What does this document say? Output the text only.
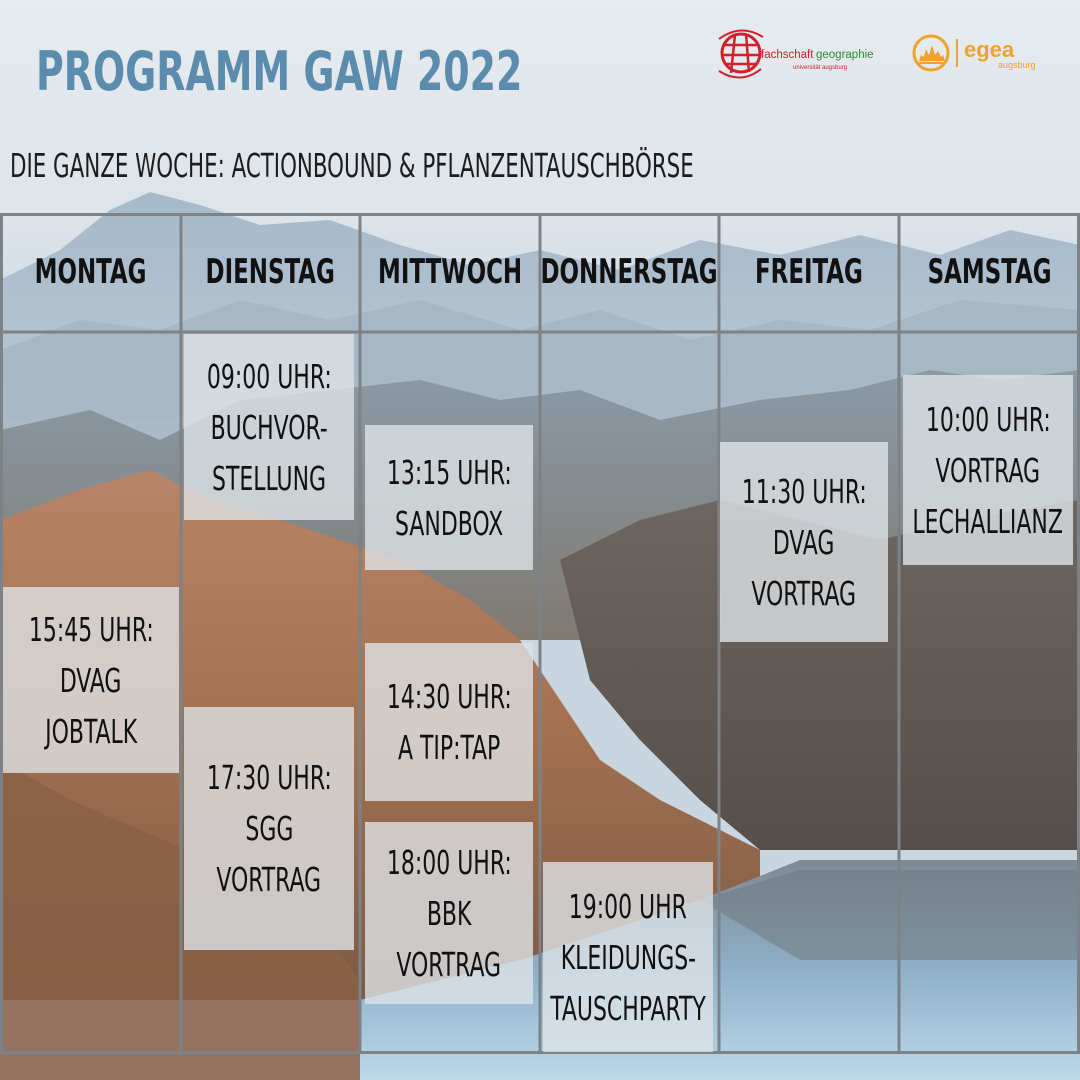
PROGRAMM GAW 2022

DIE GANZE WOCHE: ACTIONBOUND & PFLANZENTAUSCHBÖRSE

fachschaft geographie
universität augsburg
egea
augsburg
MONTAG DIENSTAG MITTWOCH DONNERSTAG FREITAG SAMSTAG
15:45 UHR:
DVAG
JOBTALK
09:00 UHR:
BUCHVOR-
STELLUNG
17:30 UHR:
SGG
VORTRAG
13:15 UHR:
SANDBOX
14:30 UHR:
A TIP:TAP
18:00 UHR:
BBK
VORTRAG
19:00 UHR
KLEIDUNGS-
TAUSCHPARTY
11:30 UHR:
DVAG
VORTRAG
10:00 UHR:
VORTRAG
LECHALLIANZ
